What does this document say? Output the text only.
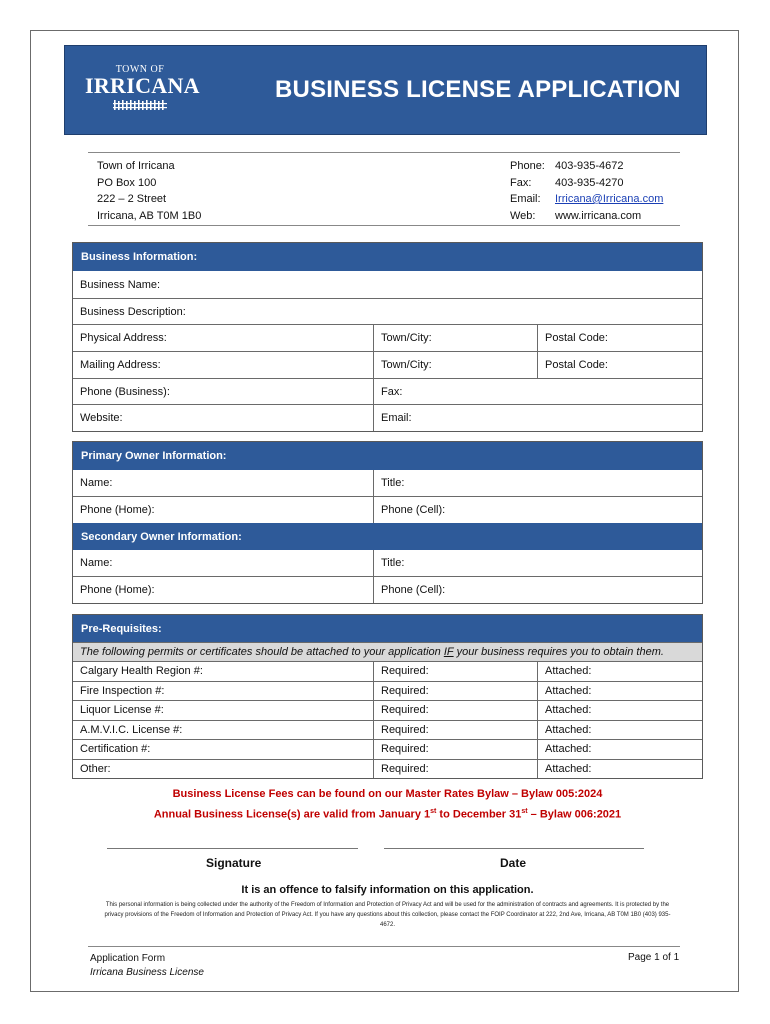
TOWN OF
IRRICANA	BUSINESS LICENSE APPLICATION
Town of Irricana
PO Box 100
222 – 2 Street
Irricana, AB T0M 1B0
Phone:	403-935-4672
Fax:	403-935-4270
Email:	Irricana@Irricana.com
Web:	www.irricana.com
Business Information:
Business Name:
Business Description:
Physical Address:	Town/City:	Postal Code:
Mailing Address:	Town/City:	Postal Code:
Phone (Business):	Fax:
Website:	Email:
Primary Owner Information:
Name:	Title:
Phone (Home):	Phone (Cell):
Secondary Owner Information:
Name:	Title:
Phone (Home):	Phone (Cell):
Pre-Requisites:
The following permits or certificates should be attached to your application IF your business requires you to obtain them.
Calgary Health Region #:	Required:	Attached:
Fire Inspection #:	Required:	Attached:
Liquor License #:	Required:	Attached:
A.M.V.I.C. License #:	Required:	Attached:
Certification #:	Required:	Attached:
Other:	Required:	Attached:
Business License Fees can be found on our Master Rates Bylaw – Bylaw 005:2024
Annual Business License(s) are valid from January 1st to December 31st – Bylaw 006:2021
Signature	Date
It is an offence to falsify information on this application.
This personal information is being collected under the authority of the Freedom of Information and Protection of Privacy Act and will be used for the administration of contracts and agreements. It is protected by the privacy provisions of the Freedom of Information and Protection of Privacy Act. If you have any questions about this collection, please contact the FOIP Coordinator at 222, 2nd Ave, Irricana, AB T0M 1B0 (403) 935-4672.
Application Form
Irricana Business License
Page 1 of 1
